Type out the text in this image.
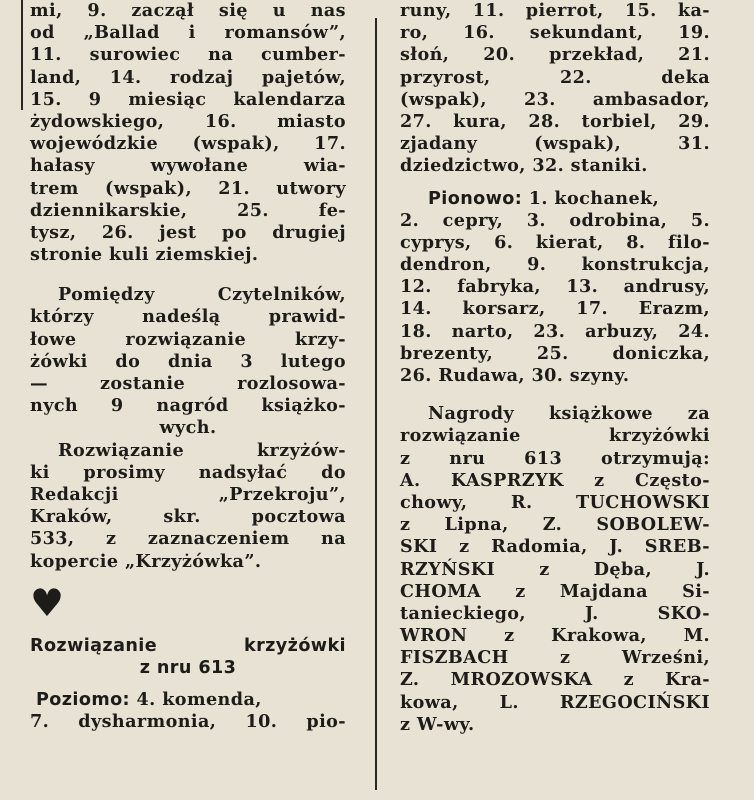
mi, 9. zaczął się u nas
od „Ballad i romansów”,
11. surowiec na cumber-
land, 14. rodzaj pajetów,
15. 9 miesiąc kalendarza
żydowskiego, 16. miasto
wojewódzkie (wspak), 17.
hałasy wywołane wia-
trem (wspak), 21. utwory
dziennikarskie, 25. fe-
tysz, 26. jest po drugiej
stronie kuli ziemskiej.
Pomiędzy Czytelników,
którzy nadeślą prawid-
łowe rozwiązanie krzy-
żówki do dnia 3 lutego
— zostanie rozlosowa-
nych 9 nagród książko-
wych.
Rozwiązanie krzyżów-
ki prosimy nadsyłać do
Redakcji „Przekroju”,
Kraków, skr. pocztowa
533, z zaznaczeniem na
kopercie „Krzyżówka”.
♥
Rozwiązanie krzyżówki
z nru 613
Poziomo: 4. komenda,
7. dysharmonia, 10. pio-
runy, 11. pierrot, 15. ka-
ro, 16. sekundant, 19.
słoń, 20. przekład, 21.
przyrost, 22. deka
(wspak), 23. ambasador,
27. kura, 28. torbiel, 29.
zjadany (wspak), 31.
dziedzictwo, 32. staniki.
Pionowo: 1. kochanek,
2. cepry, 3. odrobina, 5.
cyprys, 6. kierat, 8. filo-
dendron, 9. konstrukcja,
12. fabryka, 13. andrusy,
14. korsarz, 17. Erazm,
18. narto, 23. arbuzy, 24.
brezenty, 25. doniczka,
26. Rudawa, 30. szyny.
Nagrody książkowe za
rozwiązanie krzyżówki
z nru 613 otrzymują:
A. KASPRZYK z Często-
chowy, R. TUCHOWSKI
z Lipna, Z. SOBOLEW-
SKI z Radomia, J. SREB-
RZYŃSKI z Dęba, J.
CHOMA z Majdana Si-
tanieckiego, J. SKO-
WRON z Krakowa, M.
FISZBACH z Wrześni,
Z. MROZOWSKA z Kra-
kowa, L. RZEGOCIŃSKI
z W-wy.
